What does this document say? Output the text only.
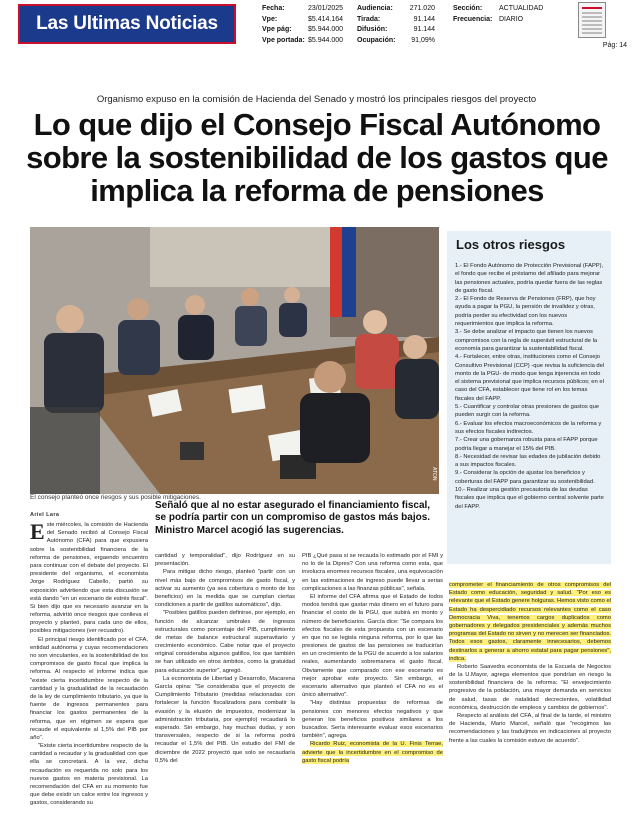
Las Ultimas Noticias
Fecha:	23/01/2025
Vpe:	$5.414.164
Vpe pág:	$5.944.000
Vpe portada: $5.944.000
Audiencia:	271.020
Tirada:	91.144
Difusión:	91.144
Ocupación:	91,09%
Sección:	ACTUALIDAD
Frecuencia: DIARIO
Pág: 14
Organismo expuso en la comisión de Hacienda del Senado y mostró los principales riesgos del proyecto
Lo que dijo el Consejo Fiscal Autónomo sobre la sostenibilidad de los gastos que implica la reforma de pensiones
ATON
El consejo planteó once riesgos y sus posible mitigaciones.
Los otros riesgos

1.- El Fondo Autónomo de Protección Previsional (FAPP), el fondo que recibe el préstamo del afiliado para mejorar las pensiones actuales, podría quedar fuera de las reglas de gasto fiscal.

2.- El Fondo de Reserva de Pensiones (FRP), que hoy ayuda a pagar la PGU, la pensión de invalidez y otras, podría perder su efectividad con los nuevos requerimientos que implica la reforma.

3.- Se debe analizar el impacto que tienen los nuevos compromisos con la regla de superávit estructural de la economía para garantizar la sustentabilidad fiscal.

4.- Fortalecer, entre otras, instituciones como el Consejo Consultivo Previsional (CCP) -que revisa la suficiencia del monto de la PGU- de modo que tenga injerencia en todo el sistema previsional que implica recursos públicos; en el caso del CFA, establecer que tiene rol en los temas fiscales del FAPP.

5.- Cuantificar y controlar otras presiones de gastos que pueden surgir con la reforma.

6.- Evaluar los efectos macroeconómicos de la reforma y sus efectos fiscales indirectos.

7.- Crear una gobernanza robusta para el FAPP porque podría llegar a manejar el 15% del PIB.

8.- Necesidad de revisar las edades de jubilación debido a sus impactos fiscales.

9.- Considerar la opción de ajustar los beneficios y coberturas del FAPP para garantizar su sostenibilidad.

10.- Realizar una gestión precautoria de las deudas fiscales que implica que el gobierno central solvente parte del FAPP.

Señaló que al no estar asegurado el financiamiento fiscal, se podría partir con un compromiso de gastos más bajos. Ministro Marcel acogió las sugerencias.
Ariel Lara

Este miércoles, la comisión de Hacienda del Senado recibió al Consejo Fiscal Autónomo (CFA) para que expusiera sobre la sostenibilidad financiera de la reforma de pensiones, ergaendo encuentro para continuar con el debate del proyecto. El presidente del organismo, el economista Jorge Rodríguez Cabello, partió su exposición advirtiendo que esta discusión se está dando "en un escenario de estrés fiscal". Si bien dijo que es necesario avanzar en la reforma, advirtió once riesgos que conlleva el proyecto y planteó, para cada uno de ellos, posibles mitigaciones (ver recuadro).

El principal riesgo identificado por el CFA, entidad autónoma y cuyas recomendaciones no son vinculantes, es la sostenibilidad de los compromisos de gasto fiscal que implica la reforma. Al respecto el informe indica que "existe cierta incertidumbre respecto de la cantidad y la gradualidad de la recaudación de la ley de cumplimiento tributario, ya que la fuente de ingresos permanentes para financiar los gastos permanentes de la reforma, que en régimen se espera que recaude el equivalente al 1,5% del PIB por año".

"Existe cierta incertidumbre respecto de la cantidad a recaudar y la gradualidad con que ella se concretará. A la vez, dicha recaudación es requerida no solo para los nuevos gastos en materia previsional. La recomendación del CFA en su momento fue que debe existir un calce entre los ingresos y gastos, considerando su

cantidad y temporalidad", dijo Rodríguez en su presentación.

Para mitigar dicho riesgo, planteó "partir con un nivel más bajo de compromisos de gasto fiscal, y activar su aumento (ya sea cobertura o monto de los beneficios) en la medida que se cumplan ciertas condiciones a partir de gatillos automáticos", dijo.

"Posibles gatillos pueden definirse, por ejemplo, en función de alcanzar umbrales de ingresos estructurales como porcentaje del PIB, cumplimiento de metas de balance estructural superavitario y crecimiento económico. Cabe notar que el proyecto original consideraba algunos gatillos, los que también se han utilizado en otros ámbitos, como la gratuidad para educación superior", agregó.

La economista de Libertad y Desarrollo, Macarena García opina: "Se consideraba que el proyecto de Cumplimiento Tributario (medidas relacionadas con fortalecer la función fiscalizadora para combatir la evasión y la elusión de impuestos, modernizar la administración tributaria, por ejemplo) recaudará lo esperado. Sin embargo, hay muchas dudas, y son transversales, respecto de si la reforma podrá recaudar el 1,5% del PIB. Un estudio del FMI de diciembre de 2022 proyectó que solo se recaudaría 0,5% del

PIB ¿Qué pasa si se recauda lo estimado por el FMI y no lo de la Dipres? Con una reforma como esta, que involucra enormes recursos fiscales, una equivocación en las estimaciones de ingreso puede llevar a serias complicaciones a las finanzas públicas", señala.

El informe del CFA afirma que el Estado de todos modos tendrá que gastar más dinero en el futuro para financiar el costo de la PGU, que subirá en monto y número de beneficiarios. García dice: "Se compara los efectos fiscales de esta propuesta con un escenario en que no se legisla ninguna reforma, por lo que las presiones de gastos de las pensiones se traducirían en un crecimiento de la PGU de acuerdo a los salarios reales, aumentando sobremanera el gasto fiscal. Obviamente que comparado con ese escenario es mejor aprobar este proyecto. Sin embargo, el escenario alternativo que planteó el CFA no es el único alternativo".

"Hay distintas propuestas de reformas de pensiones con menores efectos negativos y que generan los beneficios positivos similares a los buscados. Sería interesante evaluar esos escenarios también", agrega.

Ricardo Ruiz, economista de la U. Finis Terrae, advierte que la incertidumbre en el compromiso de gasto fiscal podría

comprometer el financiamiento de otros compromisos del Estado como educación, seguridad y salud. "Por eso es relevante que el Estado genere holguras. Hemos visto como el Estado ha despercidiado recursos relevantes como el caso Democracia Viva, tenemos cargos duplicados como gobernadores y delegados presidenciales y además muchos programas del Estado no sirven y no merecen ser financiados. Todos esos gastos, claramente innecesarios, debemos destinarlos a generar a ahorro estatal para pagar pensiones", indica.

Roberto Saavedra economista de la Escuela de Negocios de la U.Mayor, agrega elementos que pondrían en riesgo la sostenibilidad financiera de la reforma: "El envejecimiento progresivo de la población, una mayor demanda en servicios de salud, tasas de natalidad decrecientes, volatilidad económica, destrucción de empleos y cambios de gobiernos".

Respecto al análisis del CFA, al final de la tarde, el ministro de Hacienda, Mario Marcel, señaló que "recogimos las recomendaciones y las traduijmos en indicaciones al proyecto frente a las cuales la comisión estuvo de acuerdo".
